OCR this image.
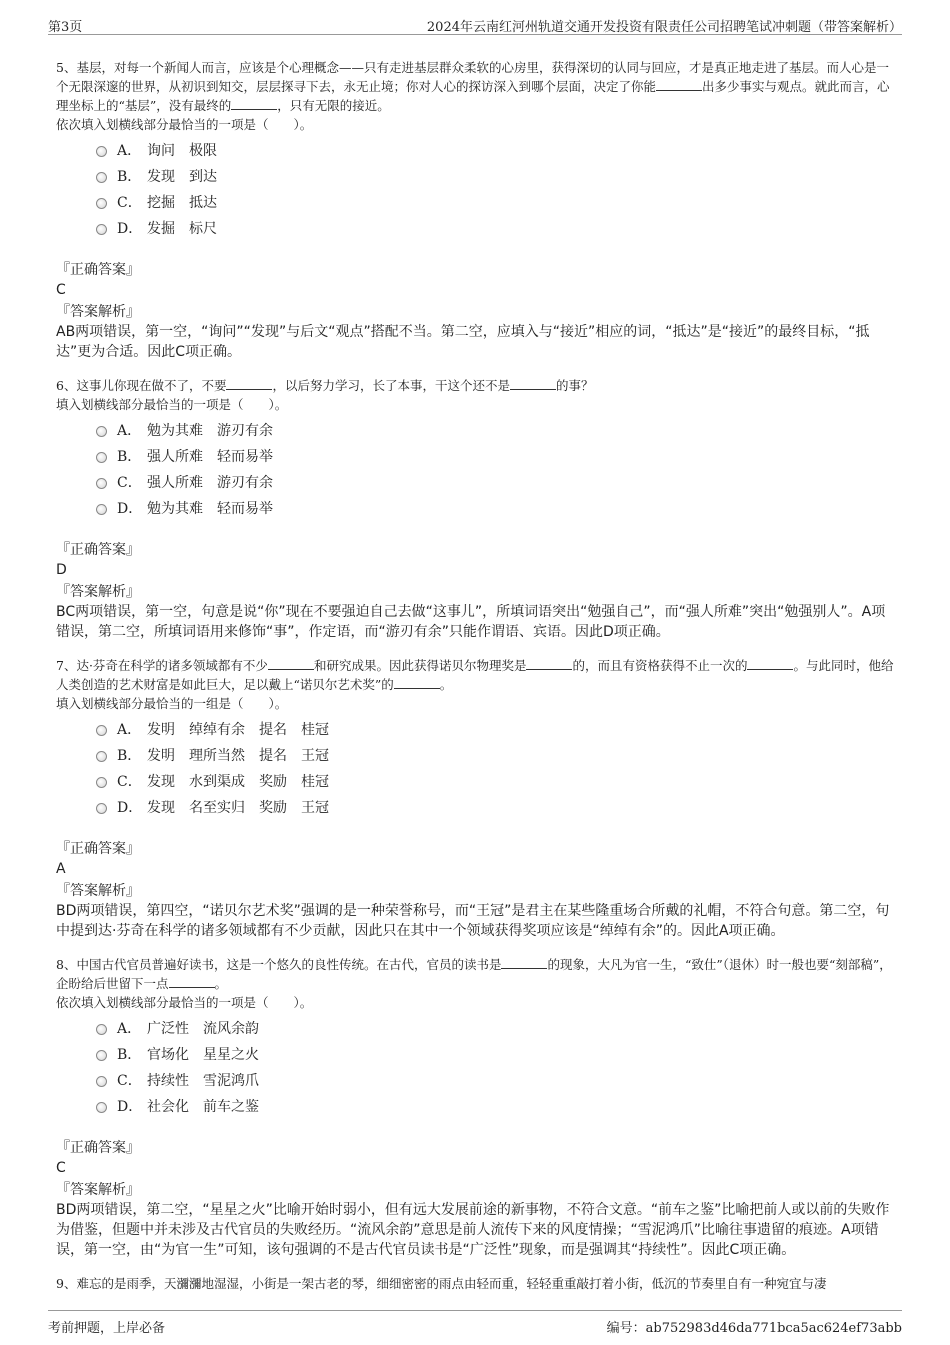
第3页	2024年云南红河州轨道交通开发投资有限责任公司招聘笔试冲刺题（带答案解析）
5、基层，对每一个新闻人而言，应该是个心理概念——只有走进基层群众柔软的心房里，获得深切的认同与回应，才是真正地走进了基层。而人心是一个无限深邃的世界，从初识到知交，层层探寻下去，永无止境；你对人心的探访深入到哪个层面，决定了你能	出多少事实与观点。就此而言，心理坐标上的“基层”，没有最终的	，只有无限的接近。
依次填入划横线部分最恰当的一项是（　　）。
A． 询问　极限
B． 发现　到达
C． 挖掘　抵达
D． 发掘　标尺
『正确答案』
C
『答案解析』
AB两项错误，第一空，“询问”“发现”与后文“观点”搭配不当。第二空，应填入与“接近”相应的词，“抵达”是“接近”的最终目标，“抵达”更为合适。因此C项正确。
6、这事儿你现在做不了，不要	，以后努力学习，长了本事，干这个还不是	的事？
填入划横线部分最恰当的一项是（　　）。
A． 勉为其难　游刃有余
B． 强人所难　轻而易举
C． 强人所难　游刃有余
D． 勉为其难　轻而易举
『正确答案』
D
『答案解析』
BC两项错误，第一空，句意是说“你”现在不要强迫自己去做“这事儿”，所填词语突出“勉强自己”，而“强人所难”突出“勉强别人”。A项错误，第二空，所填词语用来修饰“事”，作定语，而“游刃有余”只能作谓语、宾语。因此D项正确。
7、达·芬奇在科学的诸多领域都有不少	和研究成果。因此获得诺贝尔物理奖是	的，而且有资格获得不止一次的	。与此同时，他给人类创造的艺术财富是如此巨大，足以戴上“诺贝尔艺术奖”的	。
填入划横线部分最恰当的一组是（　　）。
A． 发明　绰绰有余　提名　桂冠
B． 发明　理所当然　提名　王冠
C． 发现　水到渠成　奖励　桂冠
D． 发现　名至实归　奖励　王冠
『正确答案』
A
『答案解析』
BD两项错误，第四空，“诺贝尔艺术奖”强调的是一种荣誉称号，而“王冠”是君主在某些隆重场合所戴的礼帽，不符合句意。第二空，句中提到达·芬奇在科学的诸多领域都有不少贡献，因此只在其中一个领域获得奖项应该是“绰绰有余”的。因此A项正确。
8、中国古代官员普遍好读书，这是一个悠久的良性传统。在古代，官员的读书是	的现象，大凡为官一生，“致仕”（退休）时一般也要“刻部稿”，企盼给后世留下一点	。
依次填入划横线部分最恰当的一项是（　　）。
A． 广泛性　流风余韵
B． 官场化　星星之火
C． 持续性　雪泥鸿爪
D． 社会化　前车之鉴
『正确答案』
C
『答案解析』
BD两项错误，第二空，“星星之火”比喻开始时弱小，但有远大发展前途的新事物，不符合文意。“前车之鉴”比喻把前人或以前的失败作为借鉴，但题中并未涉及古代官员的失败经历。“流风余韵”意思是前人流传下来的风度情操；“雪泥鸿爪”比喻往事遗留的痕迹。A项错误，第一空，由“为官一生”可知，该句强调的不是古代官员读书是“广泛性”现象，而是强调其“持续性”。因此C项正确。
9、难忘的是雨季，天瀰瀰地湿湿，小街是一架古老的琴，细细密密的雨点由轻而重，轻轻重重敲打着小街，低沉的节奏里自有一种宛宜与凄
考前押题，上岸必备	编号：ab752983d46da771bca5ac624ef73abb
